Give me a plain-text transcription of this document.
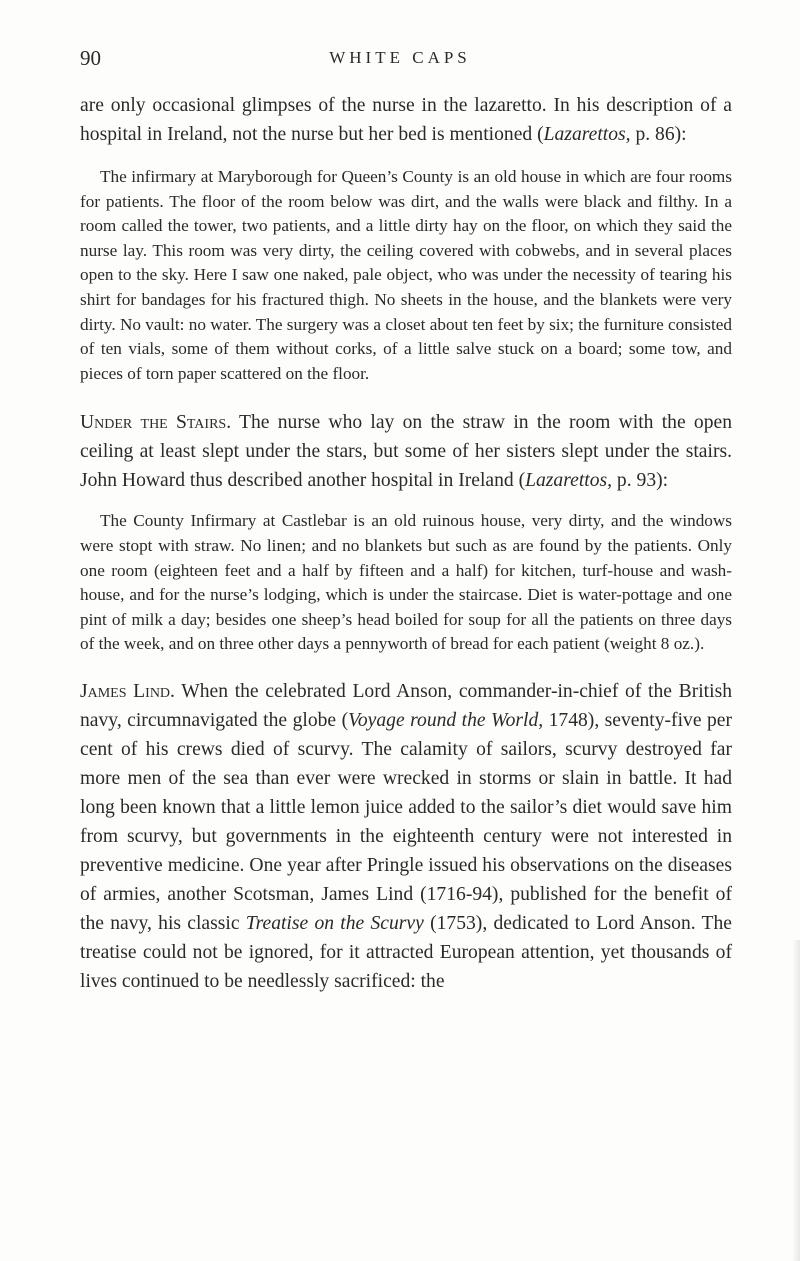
90	WHITE CAPS

are only occasional glimpses of the nurse in the lazaretto. In his description of a hospital in Ireland, not the nurse but her bed is mentioned (Lazarettos, p. 86):

The infirmary at Maryborough for Queen’s County is an old house in which are four rooms for patients. The floor of the room below was dirt, and the walls were black and filthy. In a room called the tower, two patients, and a little dirty hay on the floor, on which they said the nurse lay. This room was very dirty, the ceiling covered with cobwebs, and in several places open to the sky. Here I saw one naked, pale object, who was under the necessity of tearing his shirt for bandages for his fractured thigh. No sheets in the house, and the blankets were very dirty. No vault: no water. The surgery was a closet about ten feet by six; the furniture consisted of ten vials, some of them without corks, of a little salve stuck on a board; some tow, and pieces of torn paper scattered on the floor.

Under the Stairs. The nurse who lay on the straw in the room with the open ceiling at least slept under the stars, but some of her sisters slept under the stairs. John Howard thus described another hospital in Ireland (Lazarettos, p. 93):

The County Infirmary at Castlebar is an old ruinous house, very dirty, and the windows were stopt with straw. No linen; and no blankets but such as are found by the patients. Only one room (eighteen feet and a half by fifteen and a half) for kitchen, turf-house and wash-house, and for the nurse’s lodging, which is under the staircase. Diet is water-pottage and one pint of milk a day; besides one sheep’s head boiled for soup for all the patients on three days of the week, and on three other days a pennyworth of bread for each patient (weight 8 oz.).

James Lind. When the celebrated Lord Anson, commander-in-chief of the British navy, circumnavigated the globe (Voyage round the World, 1748), seventy-five per cent of his crews died of scurvy. The calamity of sailors, scurvy destroyed far more men of the sea than ever were wrecked in storms or slain in battle. It had long been known that a little lemon juice added to the sailor’s diet would save him from scurvy, but governments in the eighteenth century were not interested in preventive medicine. One year after Pringle issued his observations on the diseases of armies, another Scotsman, James Lind (1716-94), published for the benefit of the navy, his classic Treatise on the Scurvy (1753), dedicated to Lord Anson. The treatise could not be ignored, for it attracted European attention, yet thousands of lives continued to be needlessly sacrificed: the
